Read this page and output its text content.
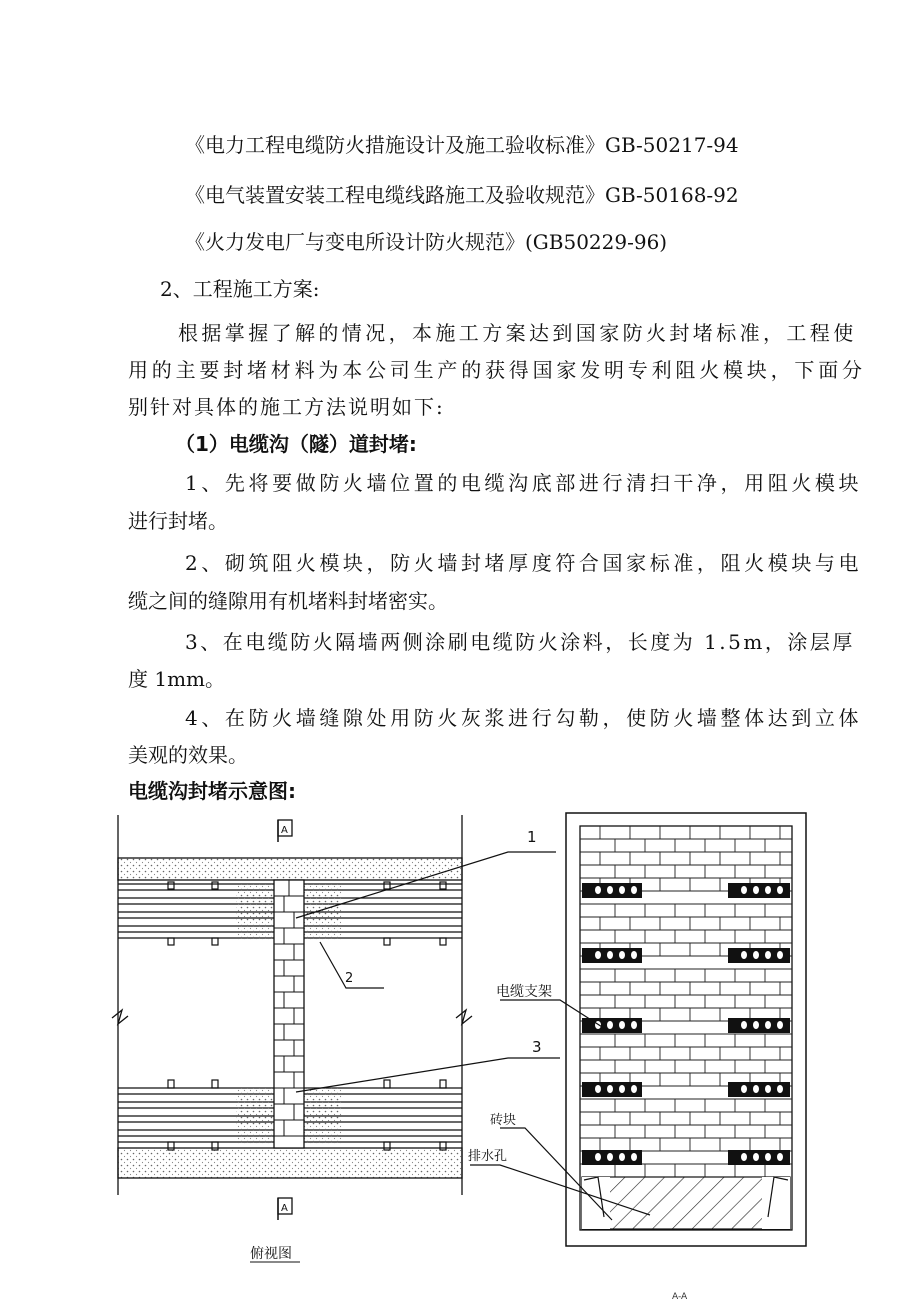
《电力工程电缆防火措施设计及施工验收标准》GB-50217-94
《电气装置安装工程电缆线路施工及验收规范》GB-50168-92
《火力发电厂与变电所设计防火规范》(GB50229-96)
2、工程施工方案:
根据掌握了解的情况，本施工方案达到国家防火封堵标准，工程使
用的主要封堵材料为本公司生产的获得国家发明专利阻火模块，下面分
别针对具体的施工方法说明如下:
（1）电缆沟（隧）道封堵:
1、先将要做防火墙位置的电缆沟底部进行清扫干净，用阻火模块
进行封堵。
2、砌筑阻火模块，防火墙封堵厚度符合国家标准，阻火模块与电
缆之间的缝隙用有机堵料封堵密实。
3、在电缆防火隔墙两侧涂刷电缆防火涂料，长度为 1.5m，涂层厚
度 1mm。
4、在防火墙缝隙处用防火灰浆进行勾勒，使防火墙整体达到立体
美观的效果。
电缆沟封堵示意图:
A
A
俯视图
1
2
3
电缆支架
砖块
排水孔
A-A
